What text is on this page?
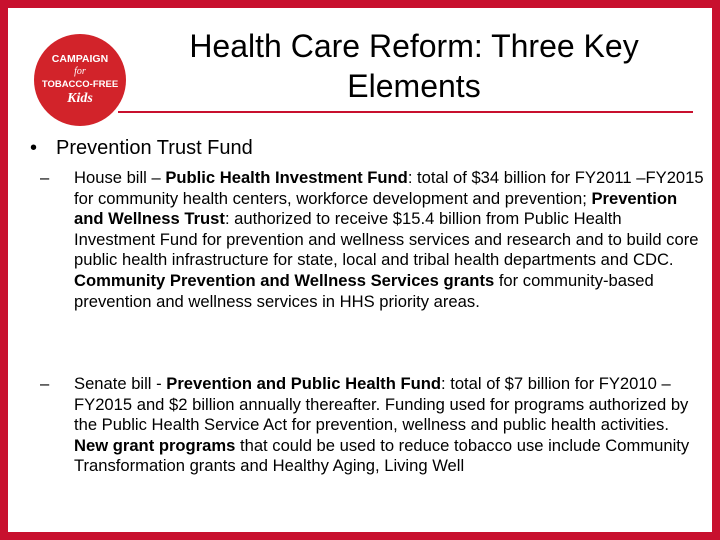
CAMPAIGN
for
TOBACCO-FREE
Kids
Health Care Reform: Three Key
Elements
• Prevention Trust Fund
– House bill – Public Health Investment Fund: total of $34 billion for FY2011 –FY2015 for community health centers, workforce development and prevention; Prevention and Wellness Trust: authorized to receive $15.4 billion from Public Health Investment Fund for prevention and wellness services and research and to build core public health infrastructure for state, local and tribal health departments and CDC. Community Prevention and Wellness Services grants for community-based prevention and wellness services in HHS priority areas.
– Senate bill - Prevention and Public Health Fund: total of $7 billion for FY2010 –FY2015 and $2 billion annually thereafter. Funding used for programs authorized by the Public Health Service Act for prevention, wellness and public health activities. New grant programs that could be used to reduce tobacco use include Community Transformation grants and Healthy Aging, Living Well
